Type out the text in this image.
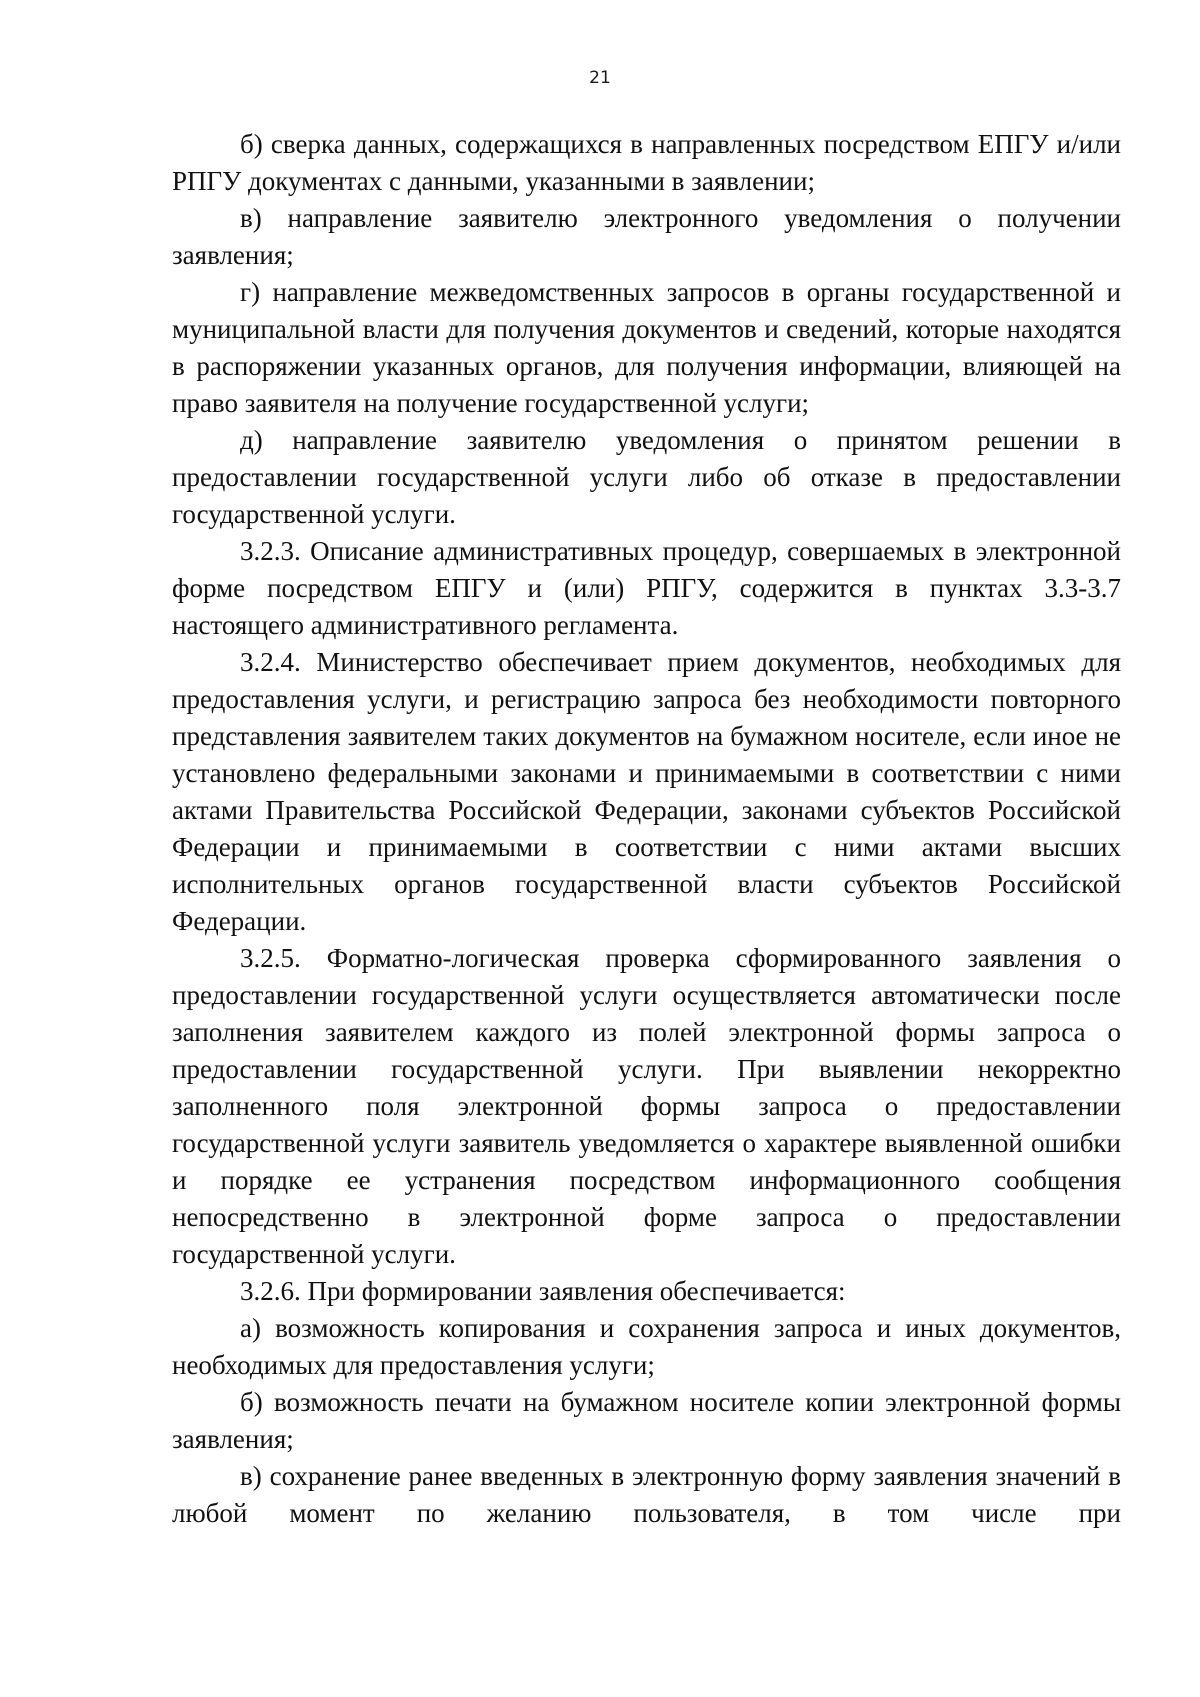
21

б) сверка данных, содержащихся в направленных посредством ЕПГУ и/или РПГУ документах с данными, указанными в заявлении;

в) направление заявителю электронного уведомления о получении заявления;

г) направление межведомственных запросов в органы государственной и муниципальной власти для получения документов и сведений, которые находятся в распоряжении указанных органов, для получения информации, влияющей на право заявителя на получение государственной услуги;

д) направление заявителю уведомления о принятом решении в предоставлении государственной услуги либо об отказе в предоставлении государственной услуги.

3.2.3. Описание административных процедур, совершаемых в электронной форме посредством ЕПГУ и (или) РПГУ, содержится в пунктах 3.3-3.7 настоящего административного регламента.

3.2.4. Министерство обеспечивает прием документов, необходимых для предоставления услуги, и регистрацию запроса без необходимости повторного представления заявителем таких документов на бумажном носителе, если иное не установлено федеральными законами и принимаемыми в соответствии с ними актами Правительства Российской Федерации, законами субъектов Российской Федерации и принимаемыми в соответствии с ними актами высших исполнительных органов государственной власти субъектов Российской Федерации.

3.2.5. Форматно-логическая проверка сформированного заявления о предоставлении государственной услуги осуществляется автоматически после заполнения заявителем каждого из полей электронной формы запроса о предоставлении государственной услуги. При выявлении некорректно заполненного поля электронной формы запроса о предоставлении государственной услуги заявитель уведомляется о характере выявленной ошибки и порядке ее устранения посредством информационного сообщения непосредственно в электронной форме запроса о предоставлении государственной услуги.

3.2.6. При формировании заявления обеспечивается:

а) возможность копирования и сохранения запроса и иных документов, необходимых для предоставления услуги;

б) возможность печати на бумажном носителе копии электронной формы заявления;

в) сохранение ранее введенных в электронную форму заявления значений в любой момент по желанию пользователя, в том числе при
